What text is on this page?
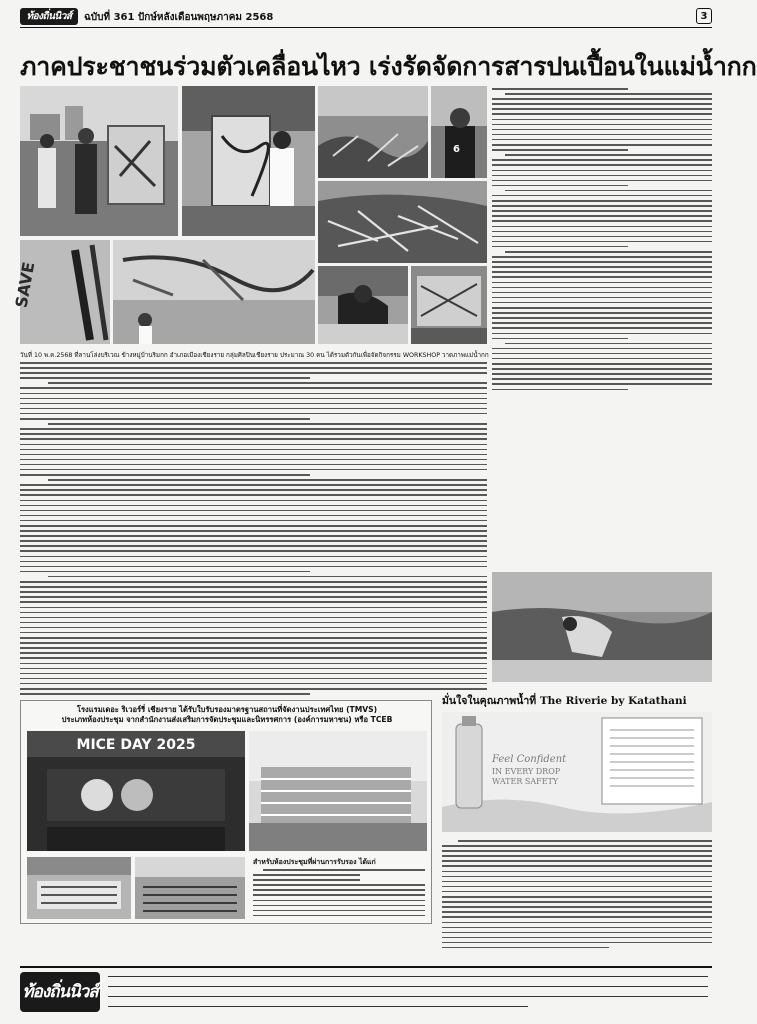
ท้องถิ่นนิวส์	ฉบับที่ 361 ปักษ์หลังเดือนพฤษภาคม 2568	3
ภาคประชาชนร่วมตัวเคลื่อนไหว เร่งรัดจัดการสารปนเปื้อนในแม่น้ำกก
6
SAVE
วันที่ 10 พ.ค.2568 ที่ลานโล่งบริเวณ ข้างหมู่บ้านริมกก อำเภอเมืองเชียงราย กลุ่มศิลปินเชียงราย ประมาณ 30 คน ได้รวมตัวกันเพื่อจัดกิจกรรม WORKSHOP วาดภาพแม่น้ำกก
มั่นใจในคุณภาพน้ำที่ The Riverie by Katathani
Feel Confident
IN EVERY DROP
WATER SAFETY
โรงแรมเดอะ ริเวอร์รี่ เชียงราย ได้รับใบรับรองมาตรฐานสถานที่จัดงานประเทศไทย (TMVS)
ประเภทห้องประชุม จากสำนักงานส่งเสริมการจัดประชุมและนิทรรศการ (องค์การมหาชน) หรือ TCEB
MICE DAY 2025
สำหรับห้องประชุมที่ผ่านการรับรอง ได้แก่
ท้องถิ่นนิวส์
